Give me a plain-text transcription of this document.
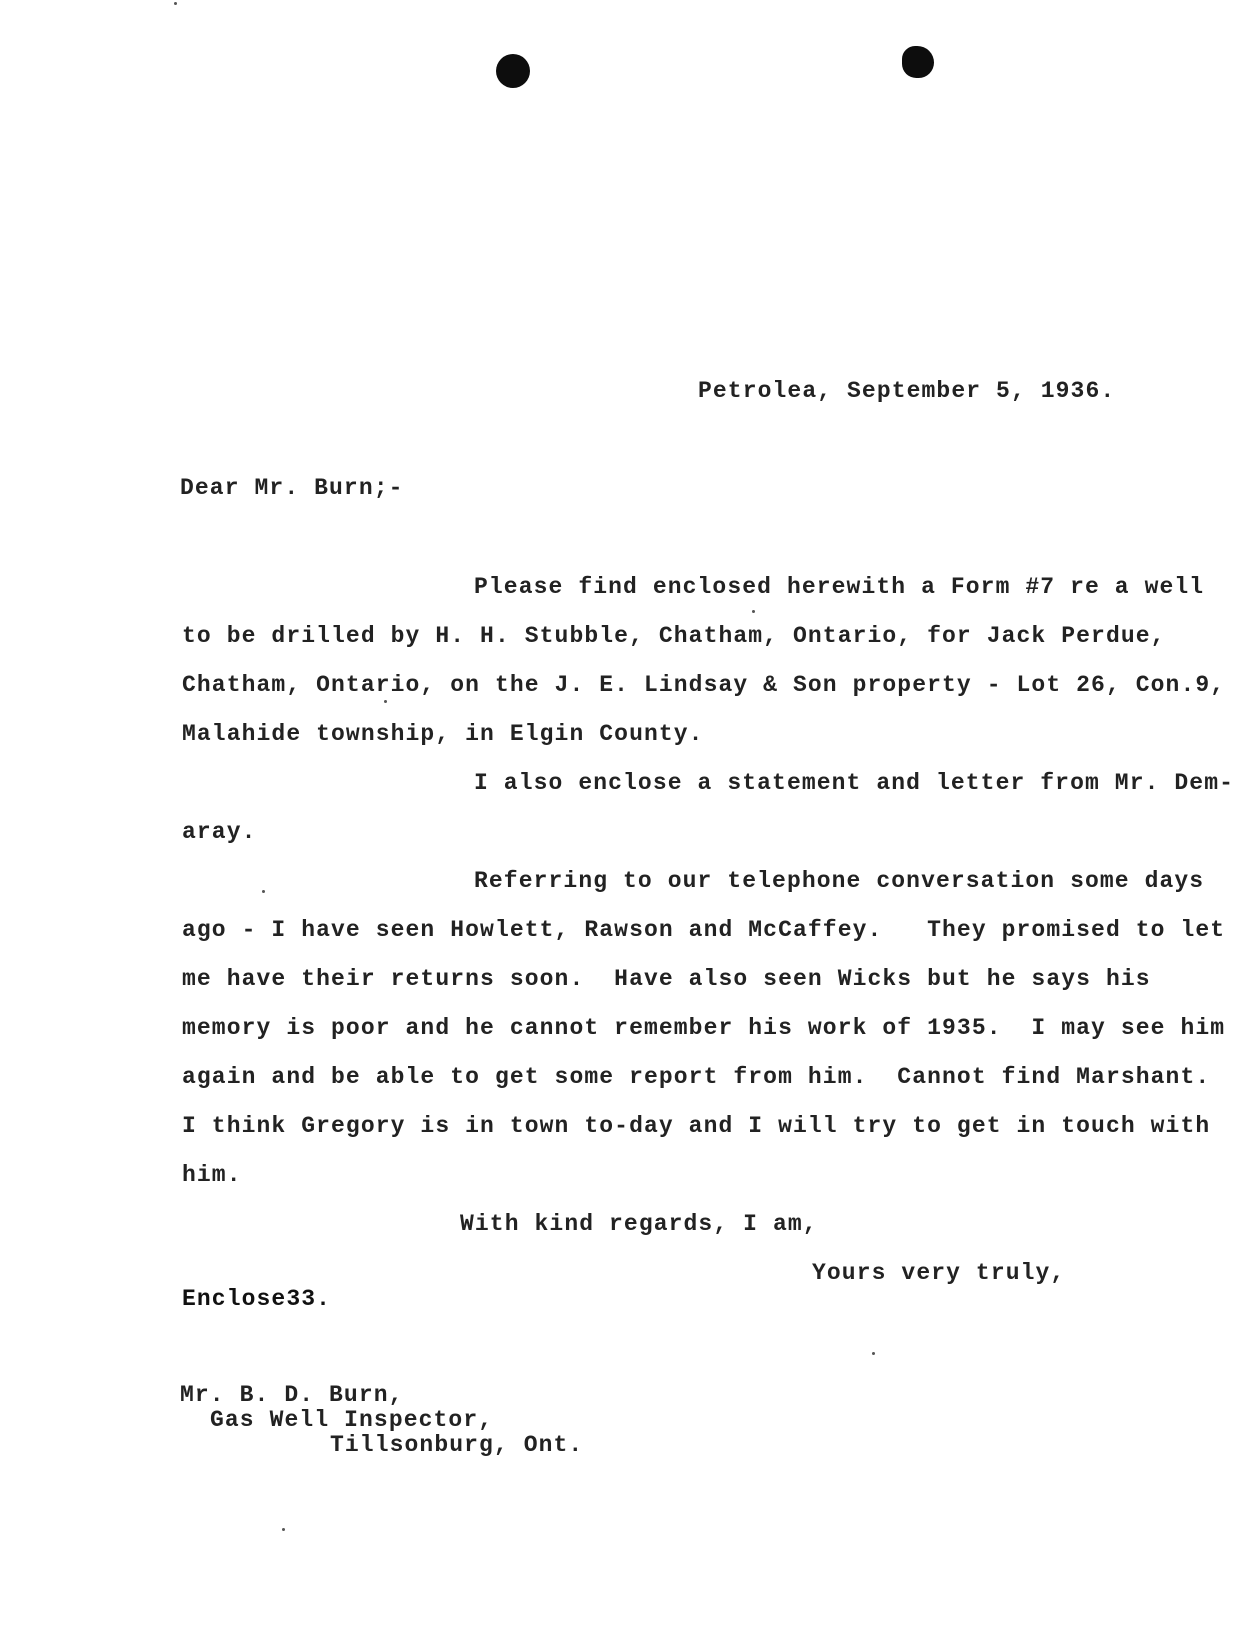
Petrolea, September 5, 1936.
Dear Mr. Burn;-
Please find enclosed herewith a Form #7 re a well
to be drilled by H. H. Stubble, Chatham, Ontario, for Jack Perdue,
Chatham, Ontario, on the J. E. Lindsay & Son property - Lot 26, Con.9,
Malahide township, in Elgin County.
I also enclose a statement and letter from Mr. Dem-
aray.
Referring to our telephone conversation some days
ago - I have seen Howlett, Rawson and McCaffey.   They promised to let
me have their returns soon.  Have also seen Wicks but he says his
memory is poor and he cannot remember his work of 1935.  I may see him
again and be able to get some report from him.  Cannot find Marshant.
I think Gregory is in town to-day and I will try to get in touch with
him.
With kind regards, I am,
Yours very truly,
Enclose33.
Mr. B. D. Burn,
Gas Well Inspector,
Tillsonburg, Ont.
